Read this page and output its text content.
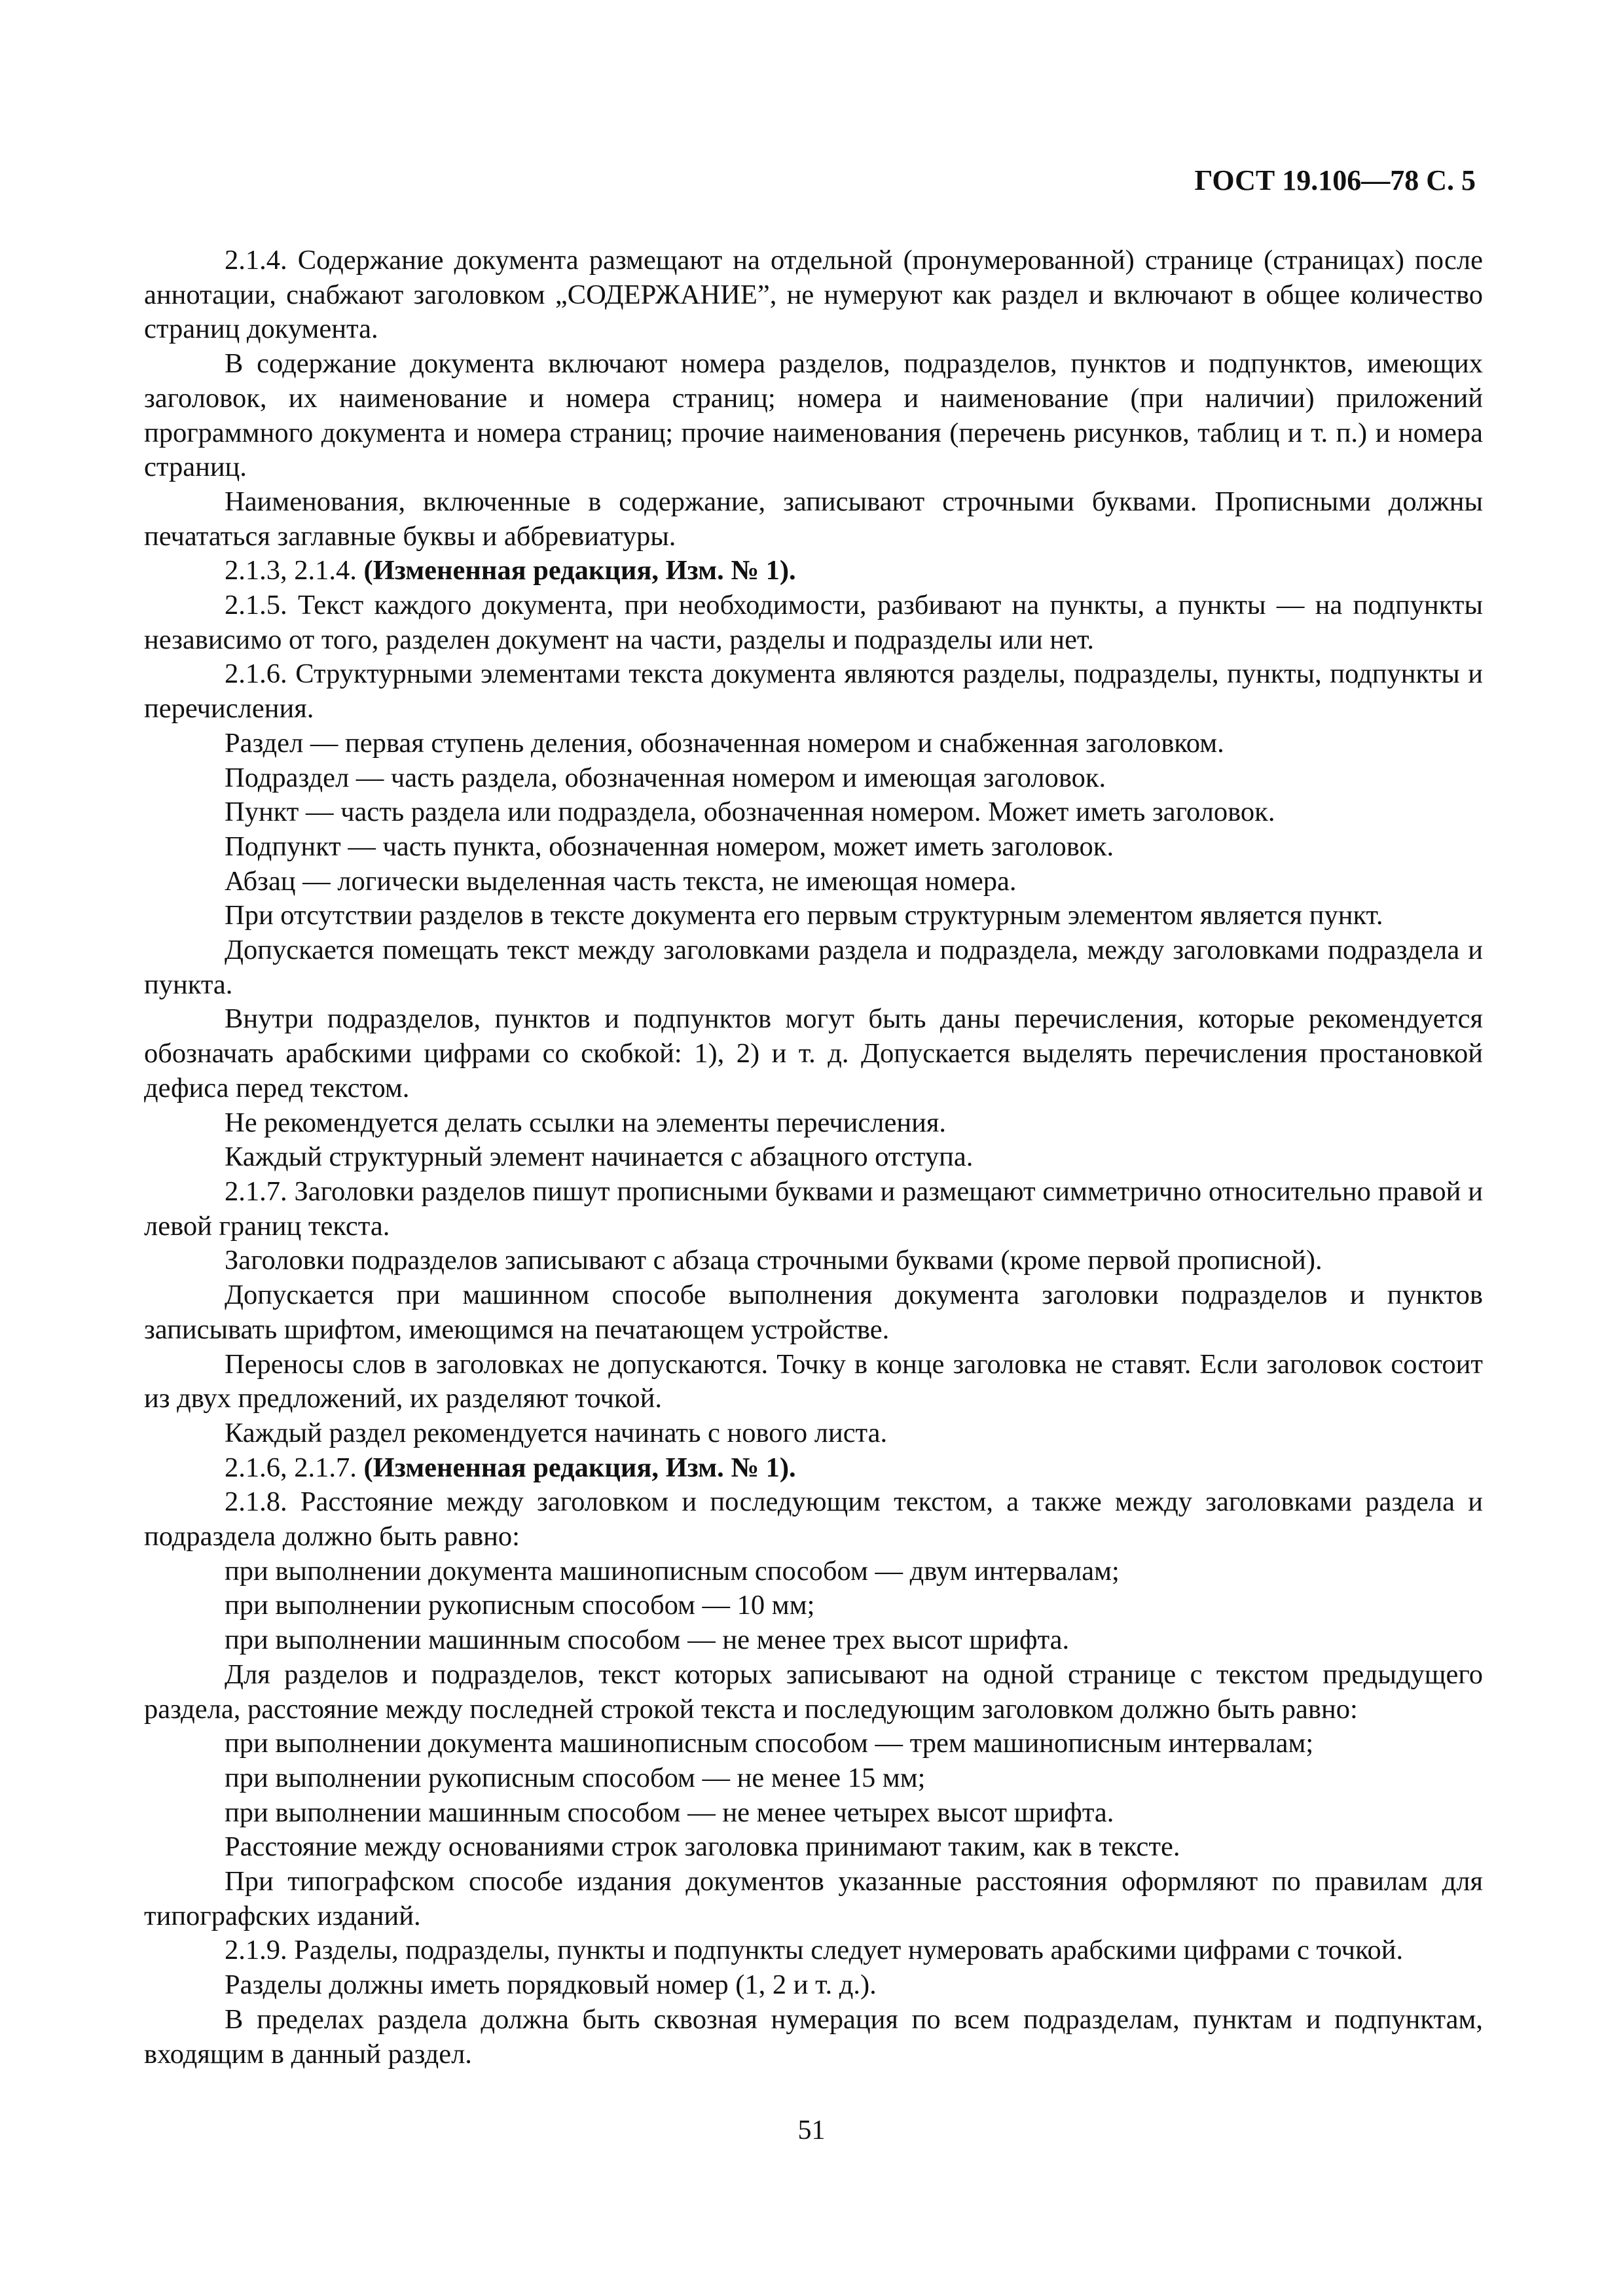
ГОСТ 19.106—78 С. 5

2.1.4. Содержание документа размещают на отдельной (пронумерованной) странице (страницах) после аннотации, снабжают заголовком „СОДЕРЖАНИЕ”, не нумеруют как раздел и включают в общее количество страниц документа.

В содержание документа включают номера разделов, подразделов, пунктов и подпунктов, имеющих заголовок, их наименование и номера страниц; номера и наименование (при наличии) приложений программного документа и номера страниц; прочие наименования (перечень рисунков, таблиц и т. п.) и номера страниц.

Наименования, включенные в содержание, записывают строчными буквами. Прописными должны печататься заглавные буквы и аббревиатуры.

2.1.3, 2.1.4. (Измененная редакция, Изм. № 1).

2.1.5. Текст каждого документа, при необходимости, разбивают на пункты, а пункты — на подпункты независимо от того, разделен документ на части, разделы и подразделы или нет.

2.1.6. Структурными элементами текста документа являются разделы, подразделы, пункты, подпункты и перечисления.

Раздел — первая ступень деления, обозначенная номером и снабженная заголовком.

Подраздел — часть раздела, обозначенная номером и имеющая заголовок.

Пункт — часть раздела или подраздела, обозначенная номером. Может иметь заголовок.

Подпункт — часть пункта, обозначенная номером, может иметь заголовок.

Абзац — логически выделенная часть текста, не имеющая номера.

При отсутствии разделов в тексте документа его первым структурным элементом является пункт.

Допускается помещать текст между заголовками раздела и подраздела, между заголовками подраздела и пункта.

Внутри подразделов, пунктов и подпунктов могут быть даны перечисления, которые рекомендуется обозначать арабскими цифрами со скобкой: 1), 2) и т. д. Допускается выделять перечисления простановкой дефиса перед текстом.

Не рекомендуется делать ссылки на элементы перечисления.

Каждый структурный элемент начинается с абзацного отступа.

2.1.7. Заголовки разделов пишут прописными буквами и размещают симметрично относительно правой и левой границ текста.

Заголовки подразделов записывают с абзаца строчными буквами (кроме первой прописной).

Допускается при машинном способе выполнения документа заголовки подразделов и пунктов записывать шрифтом, имеющимся на печатающем устройстве.

Переносы слов в заголовках не допускаются. Точку в конце заголовка не ставят. Если заголовок состоит из двух предложений, их разделяют точкой.

Каждый раздел рекомендуется начинать с нового листа.

2.1.6, 2.1.7. (Измененная редакция, Изм. № 1).

2.1.8. Расстояние между заголовком и последующим текстом, а также между заголовками раздела и подраздела должно быть равно:

при выполнении документа машинописным способом — двум интервалам;

при выполнении рукописным способом — 10 мм;

при выполнении машинным способом — не менее трех высот шрифта.

Для разделов и подразделов, текст которых записывают на одной странице с текстом предыдущего раздела, расстояние между последней строкой текста и последующим заголовком должно быть равно:

при выполнении документа машинописным способом — трем машинописным интервалам;

при выполнении рукописным способом — не менее 15 мм;

при выполнении машинным способом — не менее четырех высот шрифта.

Расстояние между основаниями строк заголовка принимают таким, как в тексте.

При типографском способе издания документов указанные расстояния оформляют по правилам для типографских изданий.

2.1.9. Разделы, подразделы, пункты и подпункты следует нумеровать арабскими цифрами с точкой.

Разделы должны иметь порядковый номер (1, 2 и т. д.).

В пределах раздела должна быть сквозная нумерация по всем подразделам, пунктам и подпунктам, входящим в данный раздел.

51
